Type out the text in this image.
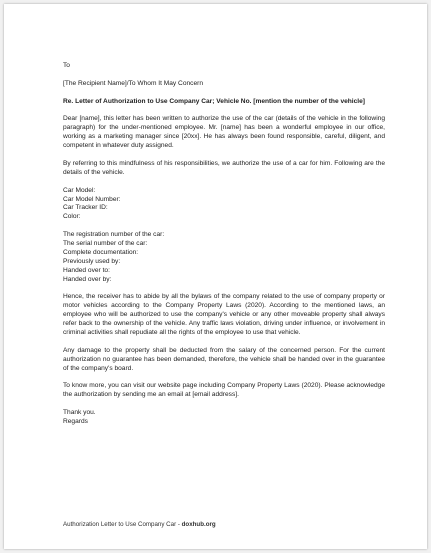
To

[The Recipient Name]/To Whom It May Concern

Re. Letter of Authorization to Use Company Car; Vehicle No. [mention the number of the vehicle]

Dear [name], this letter has been written to authorize the use of the car (details of the vehicle in the following paragraph) for the under-mentioned employee. Mr. [name] has been a wonderful employee in our office, working as a marketing manager since [20xx]. He has always been found responsible, careful, diligent, and competent in whatever duty assigned.

By referring to this mindfulness of his responsibilities, we authorize the use of a car for him. Following are the details of the vehicle.

Car Model:
Car Model Number:
Car Tracker ID:
Color:
The registration number of the car:
The serial number of the car:
Complete documentation:
Previously used by:
Handed over to:
Handed over by:

Hence, the receiver has to abide by all the bylaws of the company related to the use of company property or motor vehicles according to the Company Property Laws (2020). According to the mentioned laws, an employee who will be authorized to use the company's vehicle or any other moveable property shall always refer back to the ownership of the vehicle. Any traffic laws violation, driving under influence, or involvement in criminal activities shall repudiate all the rights of the employee to use that vehicle.

Any damage to the property shall be deducted from the salary of the concerned person. For the current authorization no guarantee has been demanded, therefore, the vehicle shall be handed over in the guarantee of the company's board.

To know more, you can visit our website page including Company Property Laws (2020). Please acknowledge the authorization by sending me an email at [email address].

Thank you.
Regards
Authorization Letter to Use Company Car - doxhub.org
